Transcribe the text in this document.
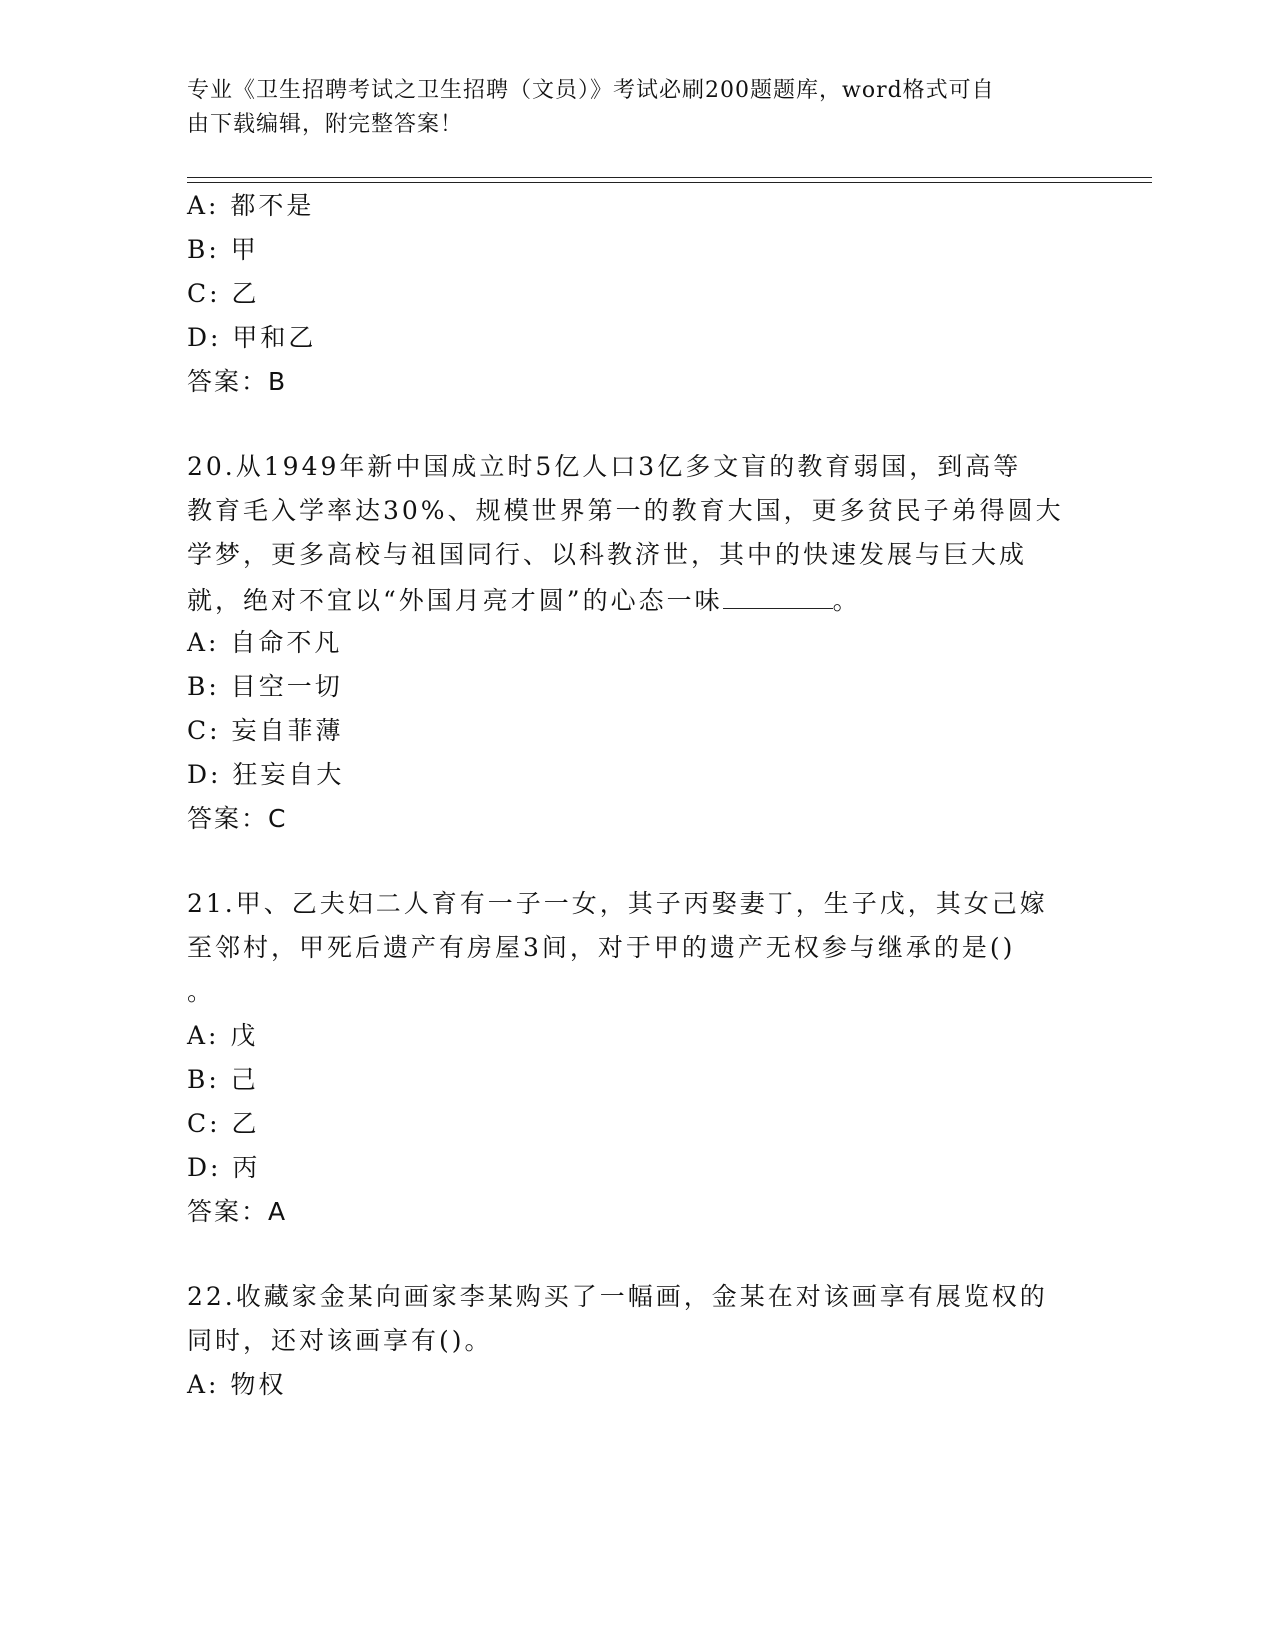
专业《卫生招聘考试之卫生招聘（文员）》考试必刷200题题库，word格式可自
由下载编辑，附完整答案！
A: 都不是
B: 甲
C: 乙
D: 甲和乙
答案：B
20.从1949年新中国成立时5亿人口3亿多文盲的教育弱国，到高等
教育毛入学率达30%、规模世界第一的教育大国，更多贫民子弟得圆大
学梦，更多高校与祖国同行、以科教济世，其中的快速发展与巨大成
就，绝对不宜以“外国月亮才圆”的心态一味	。
A: 自命不凡
B: 目空一切
C: 妄自菲薄
D: 狂妄自大
答案：C
21.甲、乙夫妇二人育有一子一女，其子丙娶妻丁，生子戊，其女己嫁
至邻村，甲死后遗产有房屋3间，对于甲的遗产无权参与继承的是()
。
A: 戊
B: 己
C: 乙
D: 丙
答案：A
22.收藏家金某向画家李某购买了一幅画，金某在对该画享有展览权的
同时，还对该画享有()。
A: 物权
